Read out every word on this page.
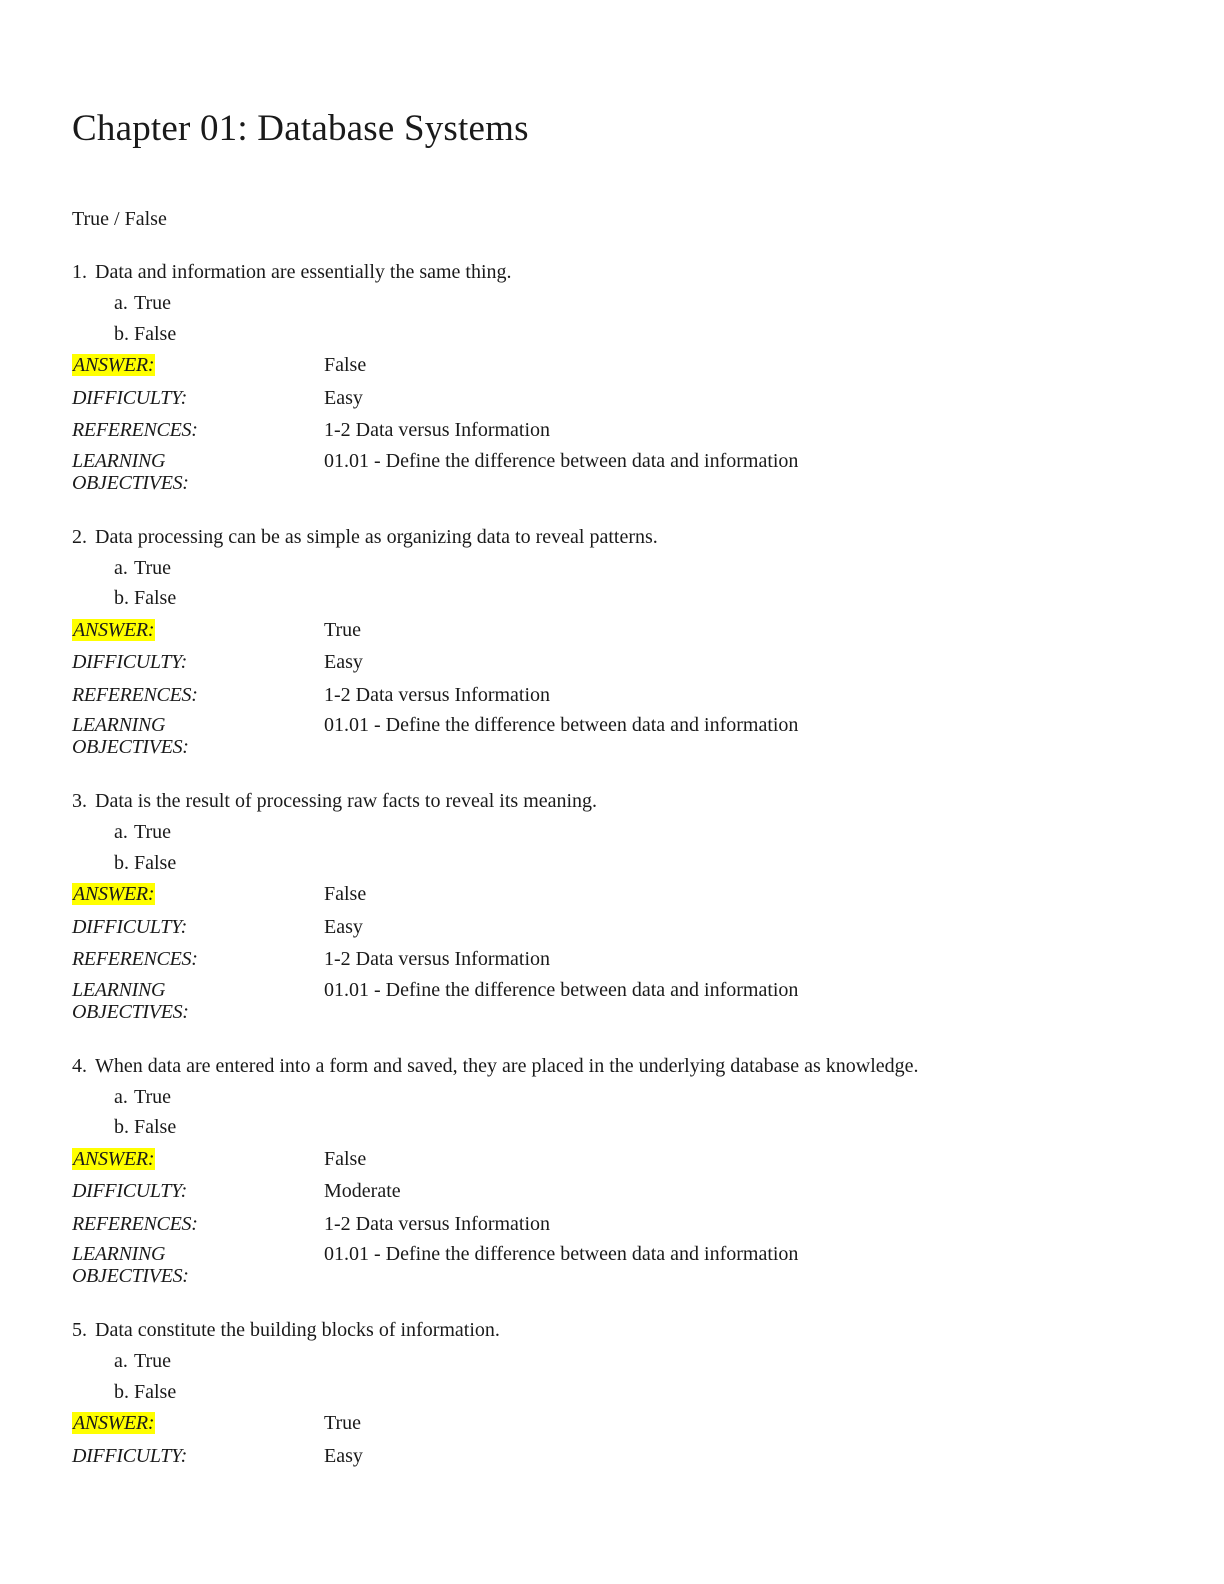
Chapter 01: Database Systems
True / False
1. Data and information are essentially the same thing.
a. True
b. False
ANSWER:	False
DIFFICULTY:	Easy
REFERENCES:	1-2 Data versus Information
LEARNING OBJECTIVES:
01.01 - Define the difference between data and information
2. Data processing can be as simple as organizing data to reveal patterns.
a. True
b. False
ANSWER:	True
DIFFICULTY:	Easy
REFERENCES:	1-2 Data versus Information
LEARNING OBJECTIVES:
01.01 - Define the difference between data and information
3. Data is the result of processing raw facts to reveal its meaning.
a. True
b. False
ANSWER:	False
DIFFICULTY:	Easy
REFERENCES:	1-2 Data versus Information
LEARNING OBJECTIVES:
01.01 - Define the difference between data and information
4. When data are entered into a form and saved, they are placed in the underlying database as knowledge.
a. True
b. False
ANSWER:	False
DIFFICULTY:	Moderate
REFERENCES:	1-2 Data versus Information
LEARNING OBJECTIVES:
01.01 - Define the difference between data and information
5. Data constitute the building blocks of information.
a. True
b. False
ANSWER:	True
DIFFICULTY:	Easy
